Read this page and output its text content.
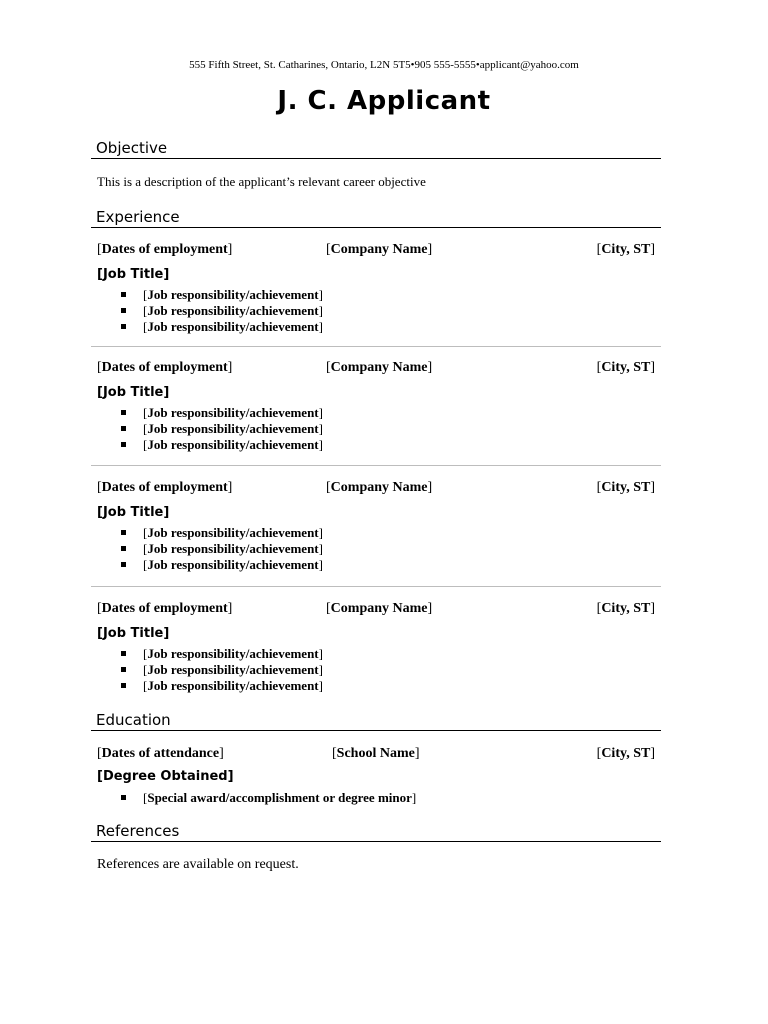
555 Fifth Street, St. Catharines, Ontario, L2N 5T5•905 555-5555•applicant@yahoo.com
J. C. Applicant
Objective
This is a description of the applicant’s relevant career objective
Experience
[Dates of employment]	[Company Name]	[City, ST]
[Job Title]
[Job responsibility/achievement]
[Job responsibility/achievement]
[Job responsibility/achievement]
[Dates of employment]	[Company Name]	[City, ST]
[Job Title]
[Job responsibility/achievement]
[Job responsibility/achievement]
[Job responsibility/achievement]
[Dates of employment]	[Company Name]	[City, ST]
[Job Title]
[Job responsibility/achievement]
[Job responsibility/achievement]
[Job responsibility/achievement]
[Dates of employment]	[Company Name]	[City, ST]
[Job Title]
[Job responsibility/achievement]
[Job responsibility/achievement]
[Job responsibility/achievement]
Education
[Dates of attendance]	[School Name]	[City, ST]
[Degree Obtained]
[Special award/accomplishment or degree minor]
References
References are available on request.
